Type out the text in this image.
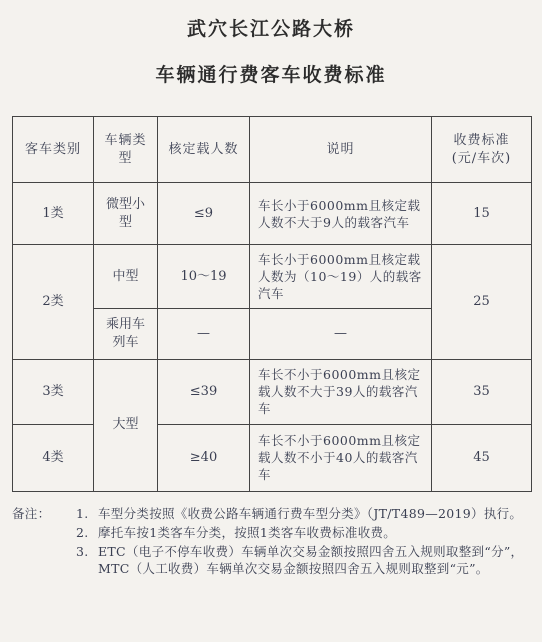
武穴长江公路大桥
车辆通行费客车收费标准
客车类别	车辆类型	核定载人数	说明	收费标准
(元/车次)

1类	微型小型	≤9	车长小于6000mm且核定载人数不大于9人的载客汽车	15
2类	中型	10～19	车长小于6000mm且核定载人数为（10～19）人的载客汽车	25

	乘用车列车	—	—	
3类	大型	≤39	车长不小于6000mm且核定载人数不大于39人的载客汽车	35
4类		≥40	车长不小于6000mm且核定载人数不小于40人的载客汽车	45
备注：	1. 车型分类按照《收费公路车辆通行费车型分类》（JT/T489—2019）执行。
2. 摩托车按1类客车分类，按照1类客车收费标准收费。
3. ETC（电子不停车收费）车辆单次交易金额按照四舍五入规则取整到“分”，MTC（人工收费）车辆单次交易金额按照四舍五入规则取整到“元”。
